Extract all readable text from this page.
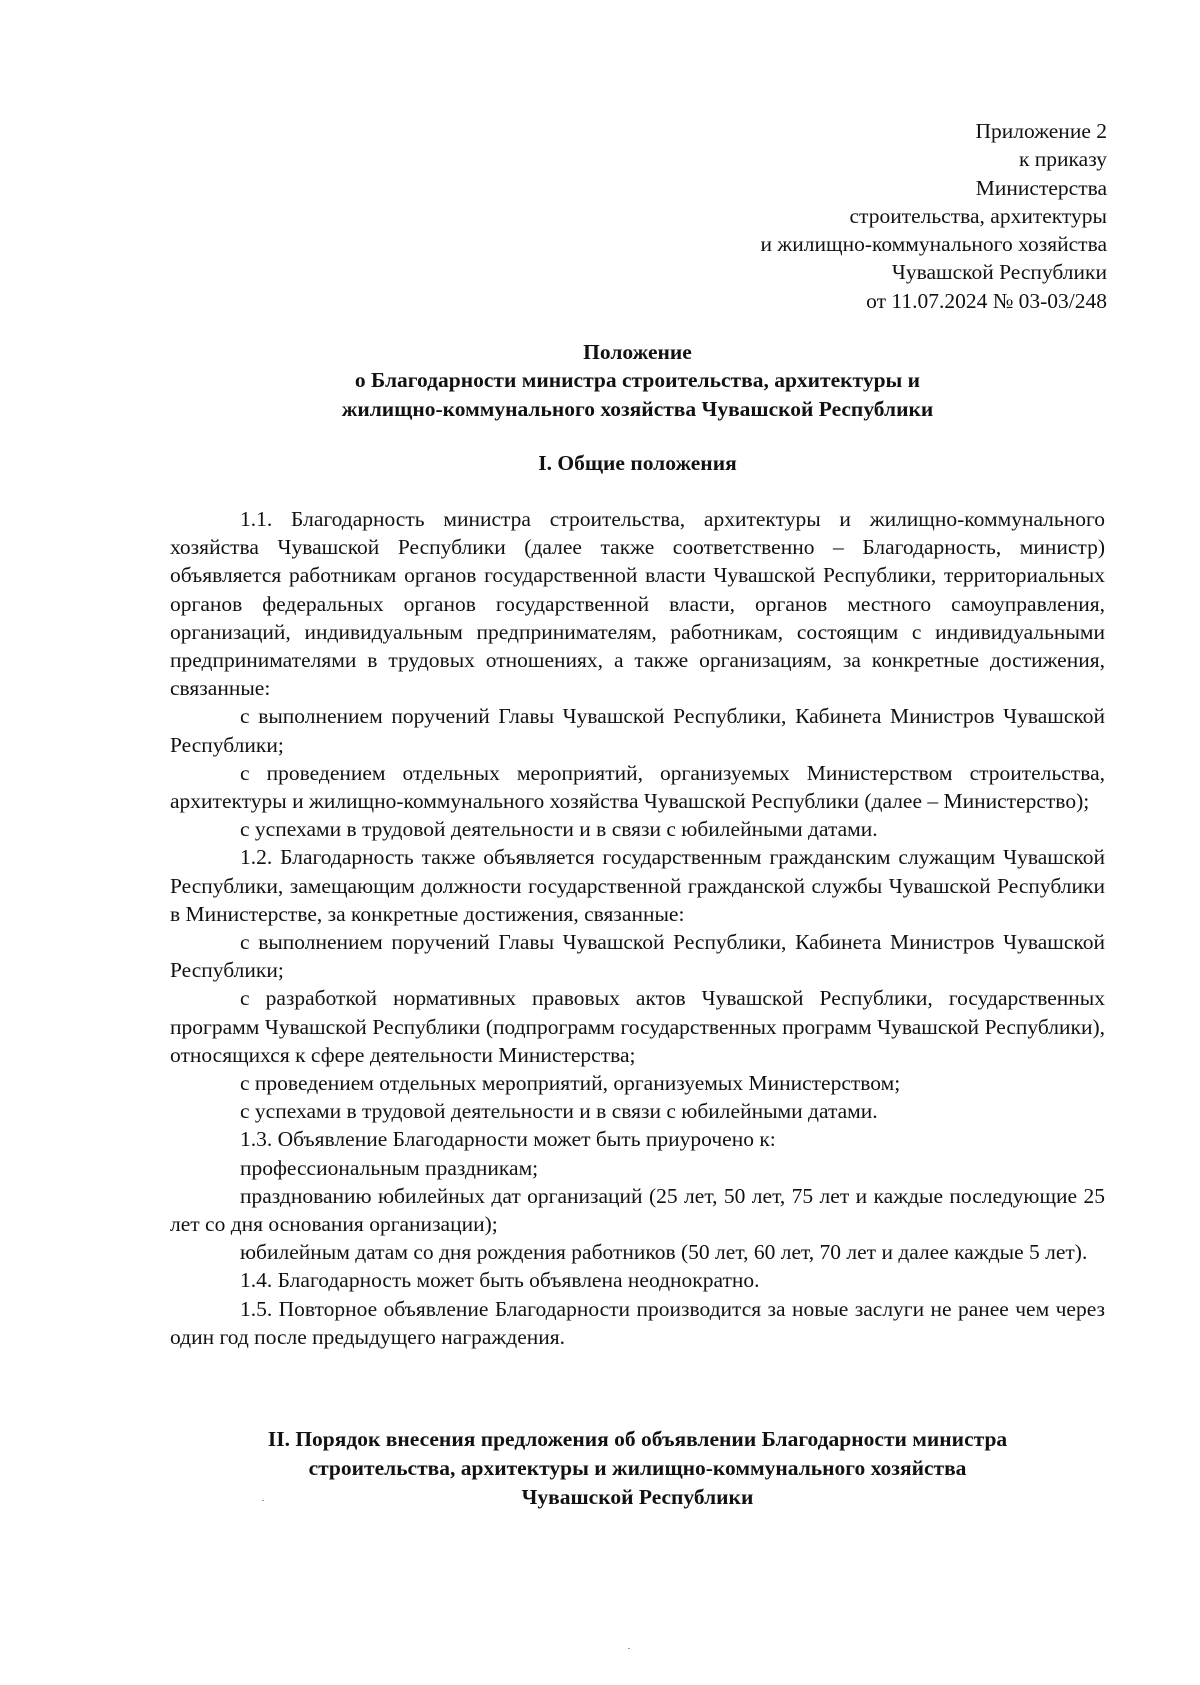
Приложение 2
к приказу
Министерства
строительства, архитектуры
и жилищно-коммунального хозяйства
Чувашской Республики
от 11.07.2024 № 03-03/248
Положение
о Благодарности министра строительства, архитектуры и
жилищно-коммунального хозяйства Чувашской Республики
I. Общие положения

1.1. Благодарность министра строительства, архитектуры и жилищно-коммунального хозяйства Чувашской Республики (далее также соответственно – Благодарность, министр) объявляется работникам органов государственной власти Чувашской Республики, территориальных органов федеральных органов государственной власти, органов местного самоуправления, организаций, индивидуальным предпринимателям, работникам, состоящим с индивидуальными предпринимателями в трудовых отношениях, а также организациям, за конкретные достижения, связанные:

с выполнением поручений Главы Чувашской Республики, Кабинета Министров Чувашской Республики;

с проведением отдельных мероприятий, организуемых Министерством строительства, архитектуры и жилищно-коммунального хозяйства Чувашской Республики (далее – Министерство);

с успехами в трудовой деятельности и в связи с юбилейными датами.

1.2. Благодарность также объявляется государственным гражданским служащим Чувашской Республики, замещающим должности государственной гражданской службы Чувашской Республики в Министерстве, за конкретные достижения, связанные:

с выполнением поручений Главы Чувашской Республики, Кабинета Министров Чувашской Республики;

с разработкой нормативных правовых актов Чувашской Республики, государственных программ Чувашской Республики (подпрограмм государственных программ Чувашской Республики), относящихся к сфере деятельности Министерства;

с проведением отдельных мероприятий, организуемых Министерством;

с успехами в трудовой деятельности и в связи с юбилейными датами.

1.3. Объявление Благодарности может быть приурочено к:

профессиональным праздникам;

празднованию юбилейных дат организаций (25 лет, 50 лет, 75 лет и каждые последующие 25 лет со дня основания организации);

юбилейным датам со дня рождения работников (50 лет, 60 лет, 70 лет и далее каждые 5 лет).

1.4. Благодарность может быть объявлена неоднократно.

1.5. Повторное объявление Благодарности производится за новые заслуги не ранее чем через один год после предыдущего награждения.

II. Порядок внесения предложения об объявлении Благодарности министра
строительства, архитектуры и жилищно-коммунального хозяйства
Чувашской Республики
